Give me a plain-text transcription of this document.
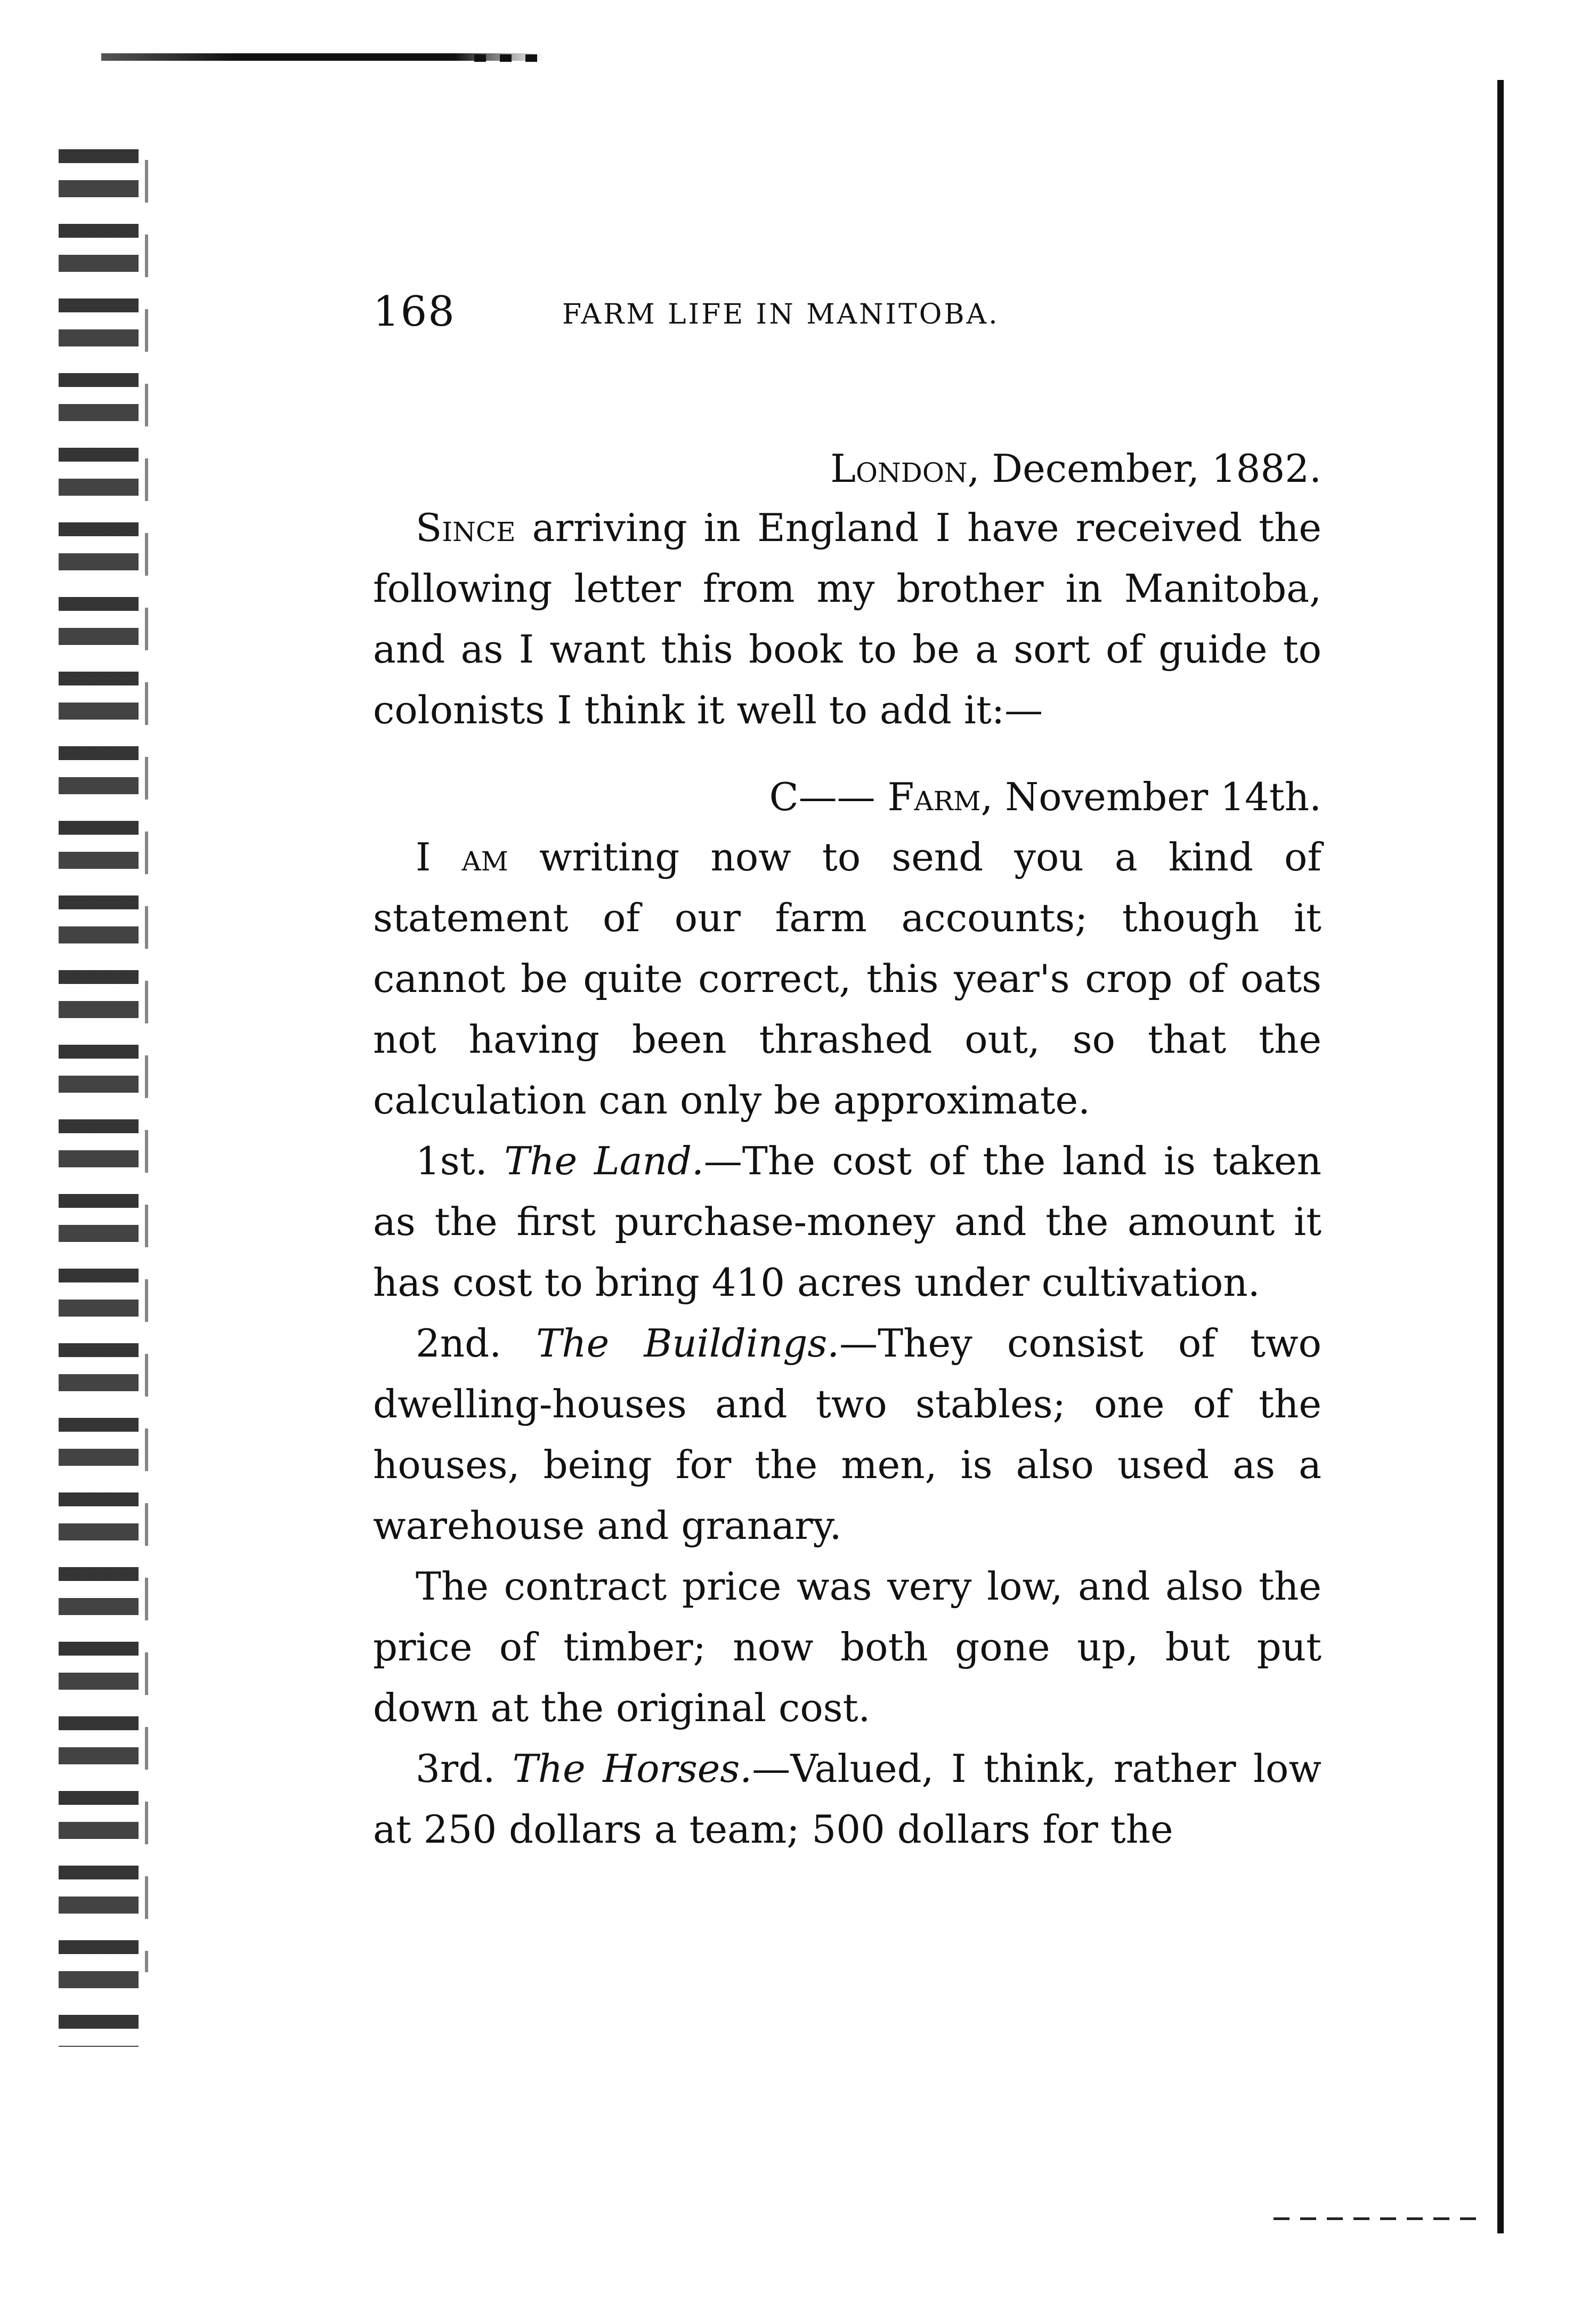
168	FARM LIFE IN MANITOBA.
London, December, 1882.

Since arriving in England I have received the following letter from my brother in Manitoba, and as I want this book to be a sort of guide to colonists I think it well to add it:—

C—— Farm, November 14th.

I am writing now to send you a kind of statement of our farm accounts; though it cannot be quite correct, this year's crop of oats not having been thrashed out, so that the calculation can only be approximate.

1st. The Land.—The cost of the land is taken as the first purchase-money and the amount it has cost to bring 410 acres under cultivation.

2nd. The Buildings.—They consist of two dwelling-houses and two stables; one of the houses, being for the men, is also used as a warehouse and granary.

The contract price was very low, and also the price of timber; now both gone up, but put down at the original cost.

3rd. The Horses.—Valued, I think, rather low at 250 dollars a team; 500 dollars for the
